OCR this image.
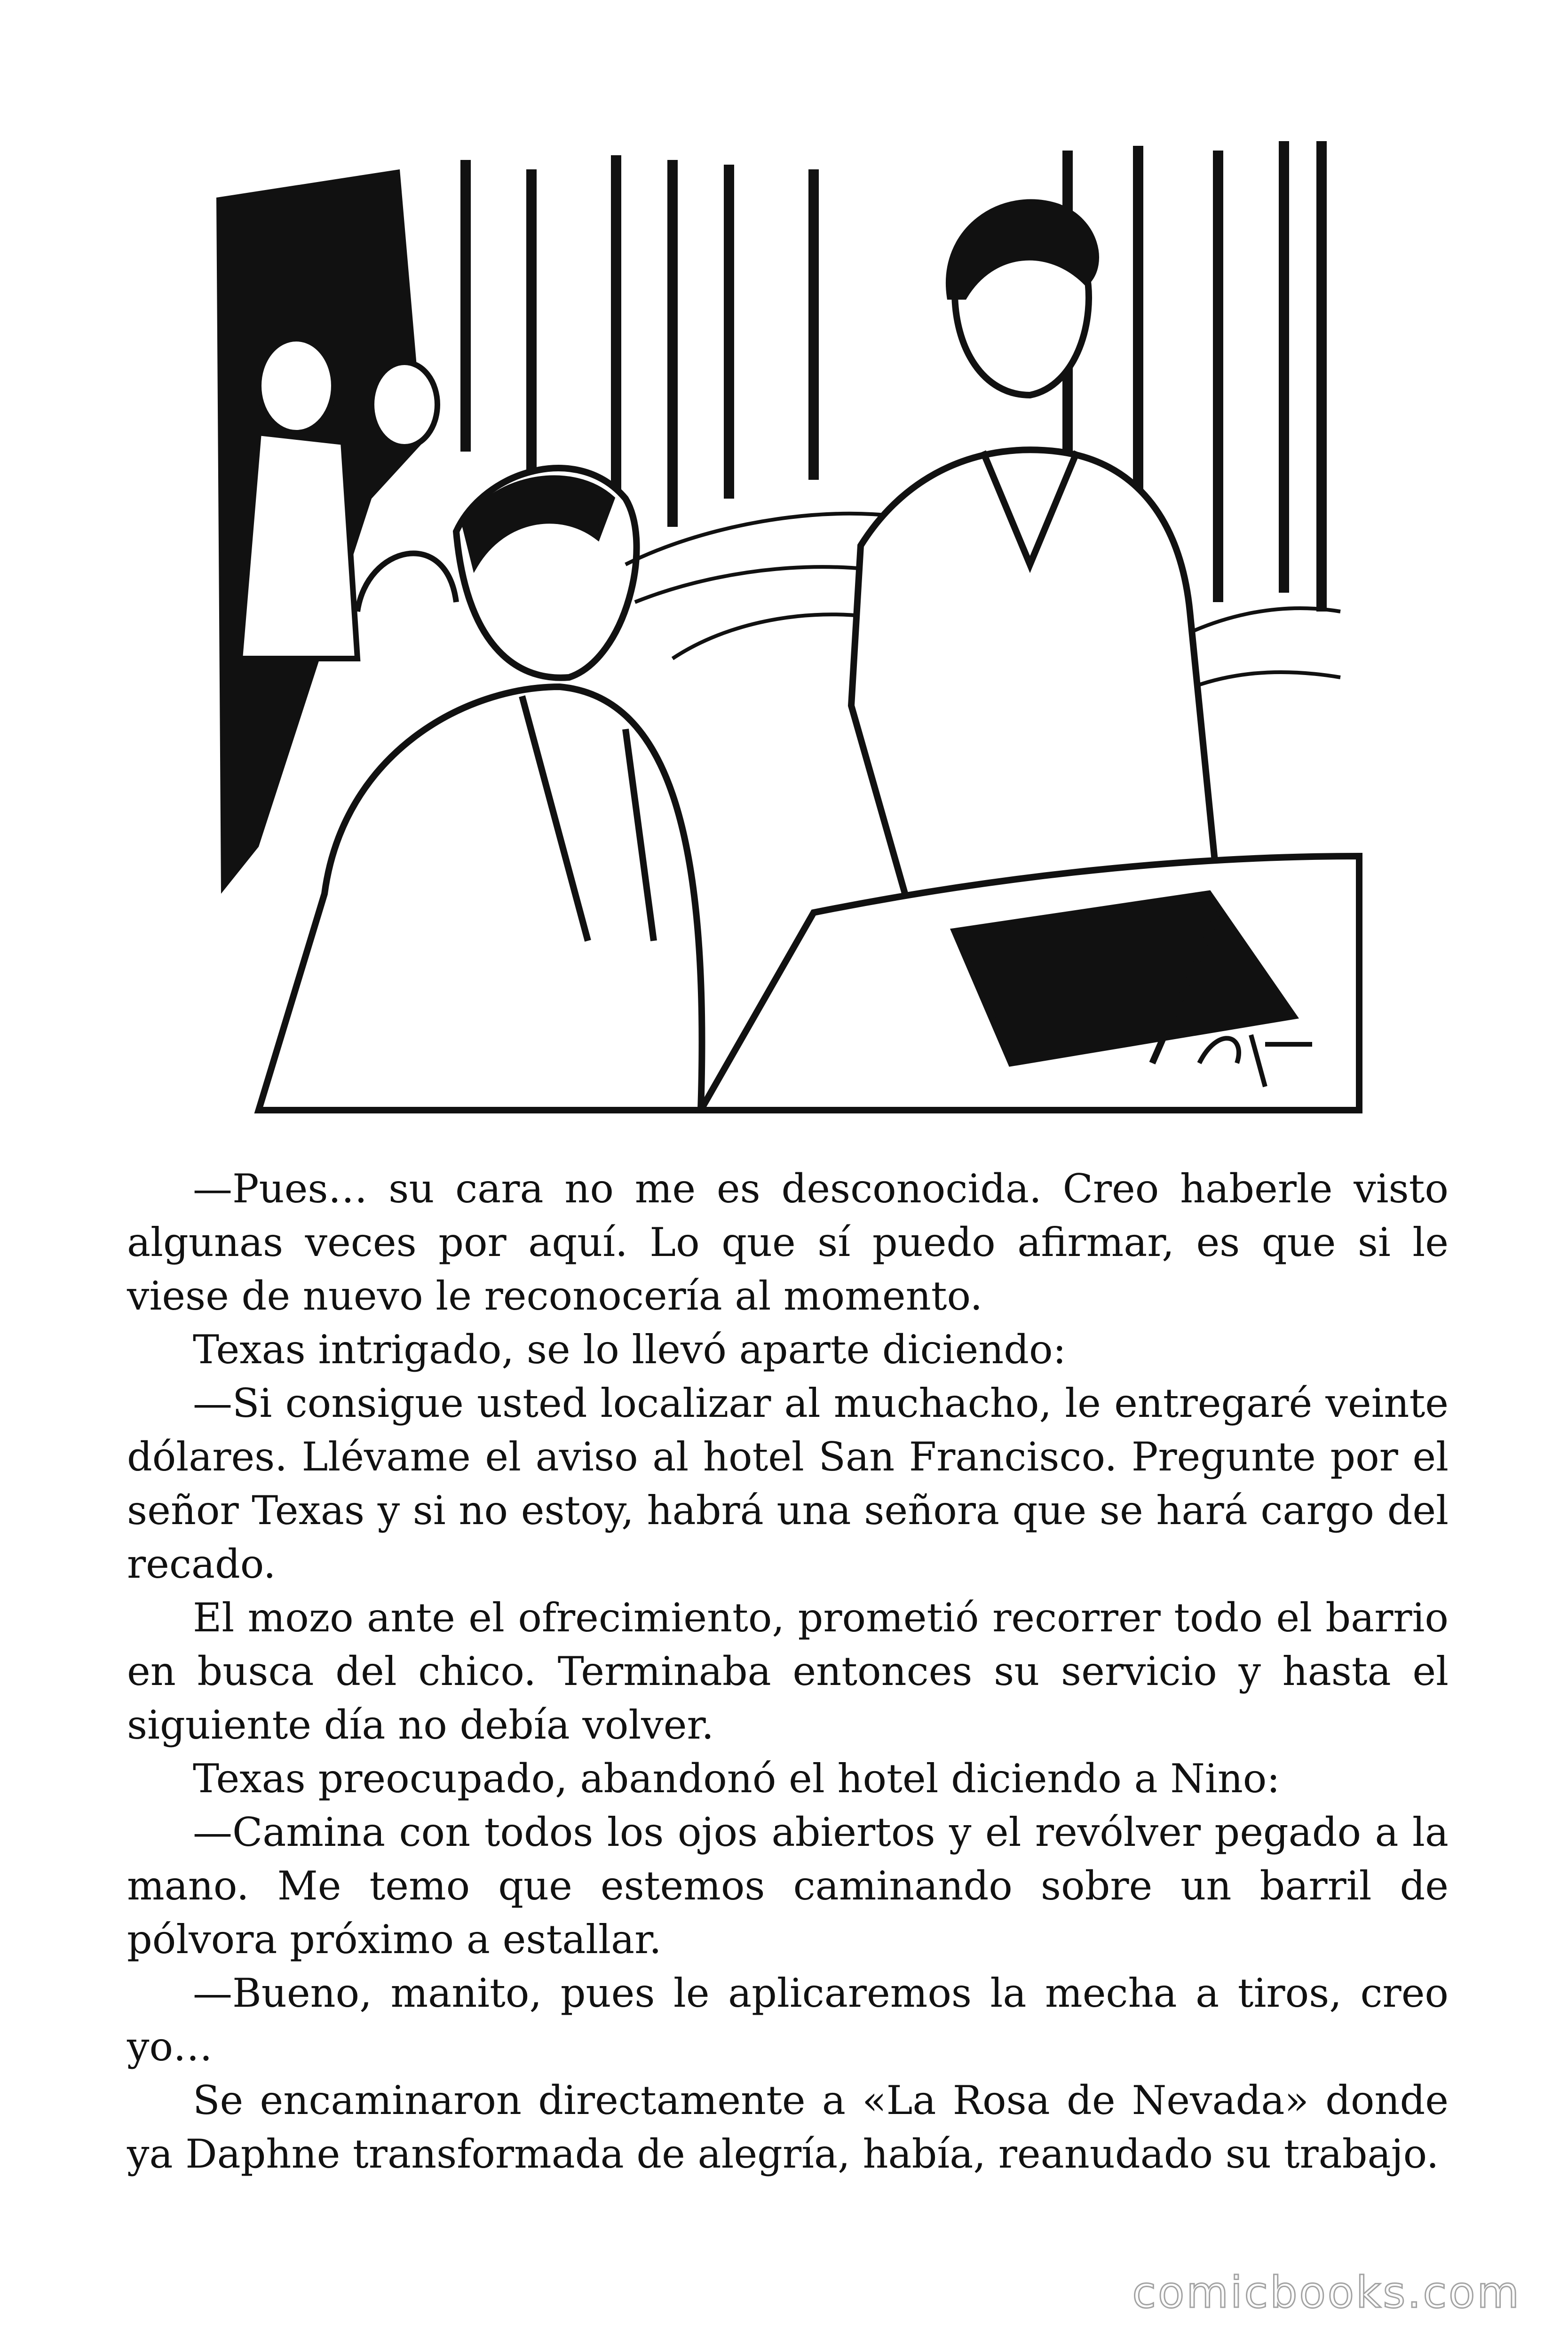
—Pues… su cara no me es desconocida. Creo haberle visto algunas veces por aquí. Lo que sí puedo afirmar, es que si le viese de nuevo le reconocería al momento.

Texas intrigado, se lo llevó aparte diciendo:

—Si consigue usted localizar al muchacho, le entregaré veinte dólares. Llévame el aviso al hotel San Francisco. Pregunte por el señor Texas y si no estoy, habrá una señora que se hará cargo del recado.

El mozo ante el ofrecimiento, prometió recorrer todo el barrio en busca del chico. Terminaba entonces su servicio y hasta el siguiente día no debía volver.

Texas preocupado, abandonó el hotel diciendo a Nino:

—Camina con todos los ojos abiertos y el revólver pegado a la mano. Me temo que estemos caminando sobre un barril de pólvora próximo a estallar.

—Bueno, manito, pues le aplicaremos la mecha a tiros, creo yo…

Se encaminaron directamente a «La Rosa de Nevada» donde ya Daphne transformada de alegría, había, reanudado su trabajo.

comicbooks.com
